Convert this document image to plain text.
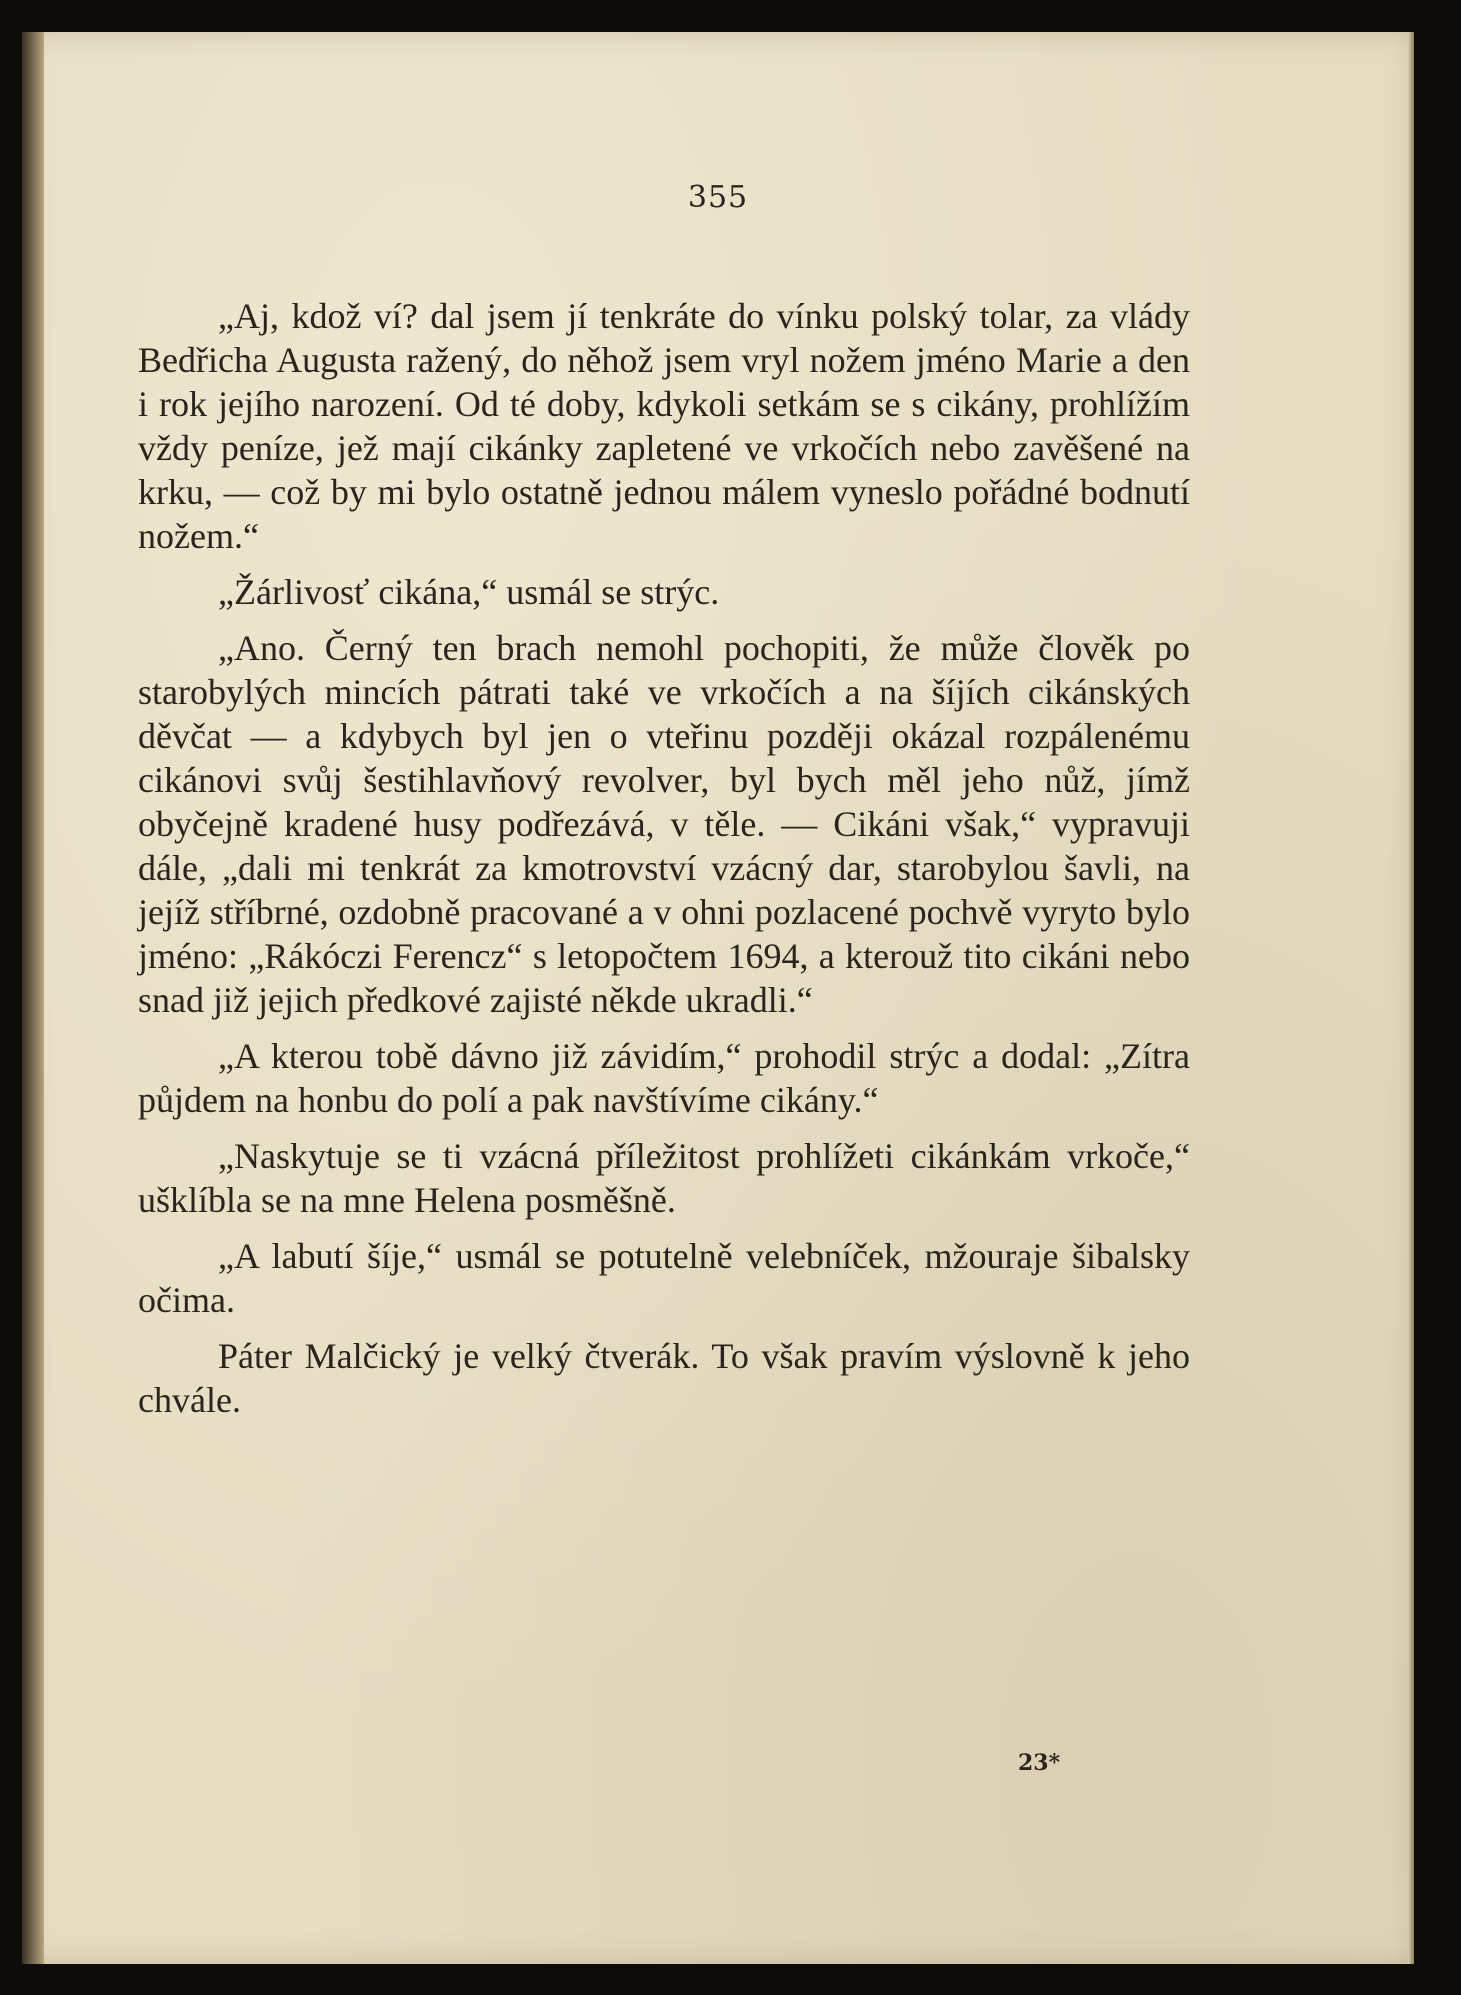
355

„Aj, kdož ví? dal jsem jí tenkráte do vínku polský tolar, za vlády Bedřicha Augusta ražený, do něhož jsem vryl nožem jméno Marie a den i rok jejího narození. Od té doby, kdykoli setkám se s cikány, prohlížím vždy peníze, jež mají cikánky zapletené ve vrkočích nebo zavěšené na krku, — což by mi bylo ostatně jednou málem vyneslo pořádné bodnutí nožem.“

„Žárlivosť cikána,“ usmál se strýc.

„Ano. Černý ten brach nemohl pochopiti, že může člověk po starobylých mincích pátrati také ve vrkočích a na šíjích cikánských děvčat — a kdybych byl jen o vteřinu později okázal rozpálenému cikánovi svůj šestihlavňový revolver, byl bych měl jeho nůž, jímž obyčejně kradené husy podřezává, v těle. — Cikáni však,“ vypravuji dále, „dali mi tenkrát za kmotrovství vzácný dar, starobylou šavli, na jejíž stříbrné, ozdobně pracované a v ohni pozlacené pochvě vyryto bylo jméno: „Rákóczi Ferencz“ s letopočtem 1694, a kterouž tito cikáni nebo snad již jejich předkové zajisté někde ukradli.“

„A kterou tobě dávno již závidím,“ prohodil strýc a dodal: „Zítra půjdem na honbu do polí a pak navštívíme cikány.“

„Naskytuje se ti vzácná příležitost prohlížeti cikánkám vrkoče,“ ušklíbla se na mne Helena posměšně.

„A labutí šíje,“ usmál se potutelně velebníček, mžouraje šibalsky očima.

Páter Malčický je velký čtverák. To však pravím výslovně k jeho chvále.

23*
